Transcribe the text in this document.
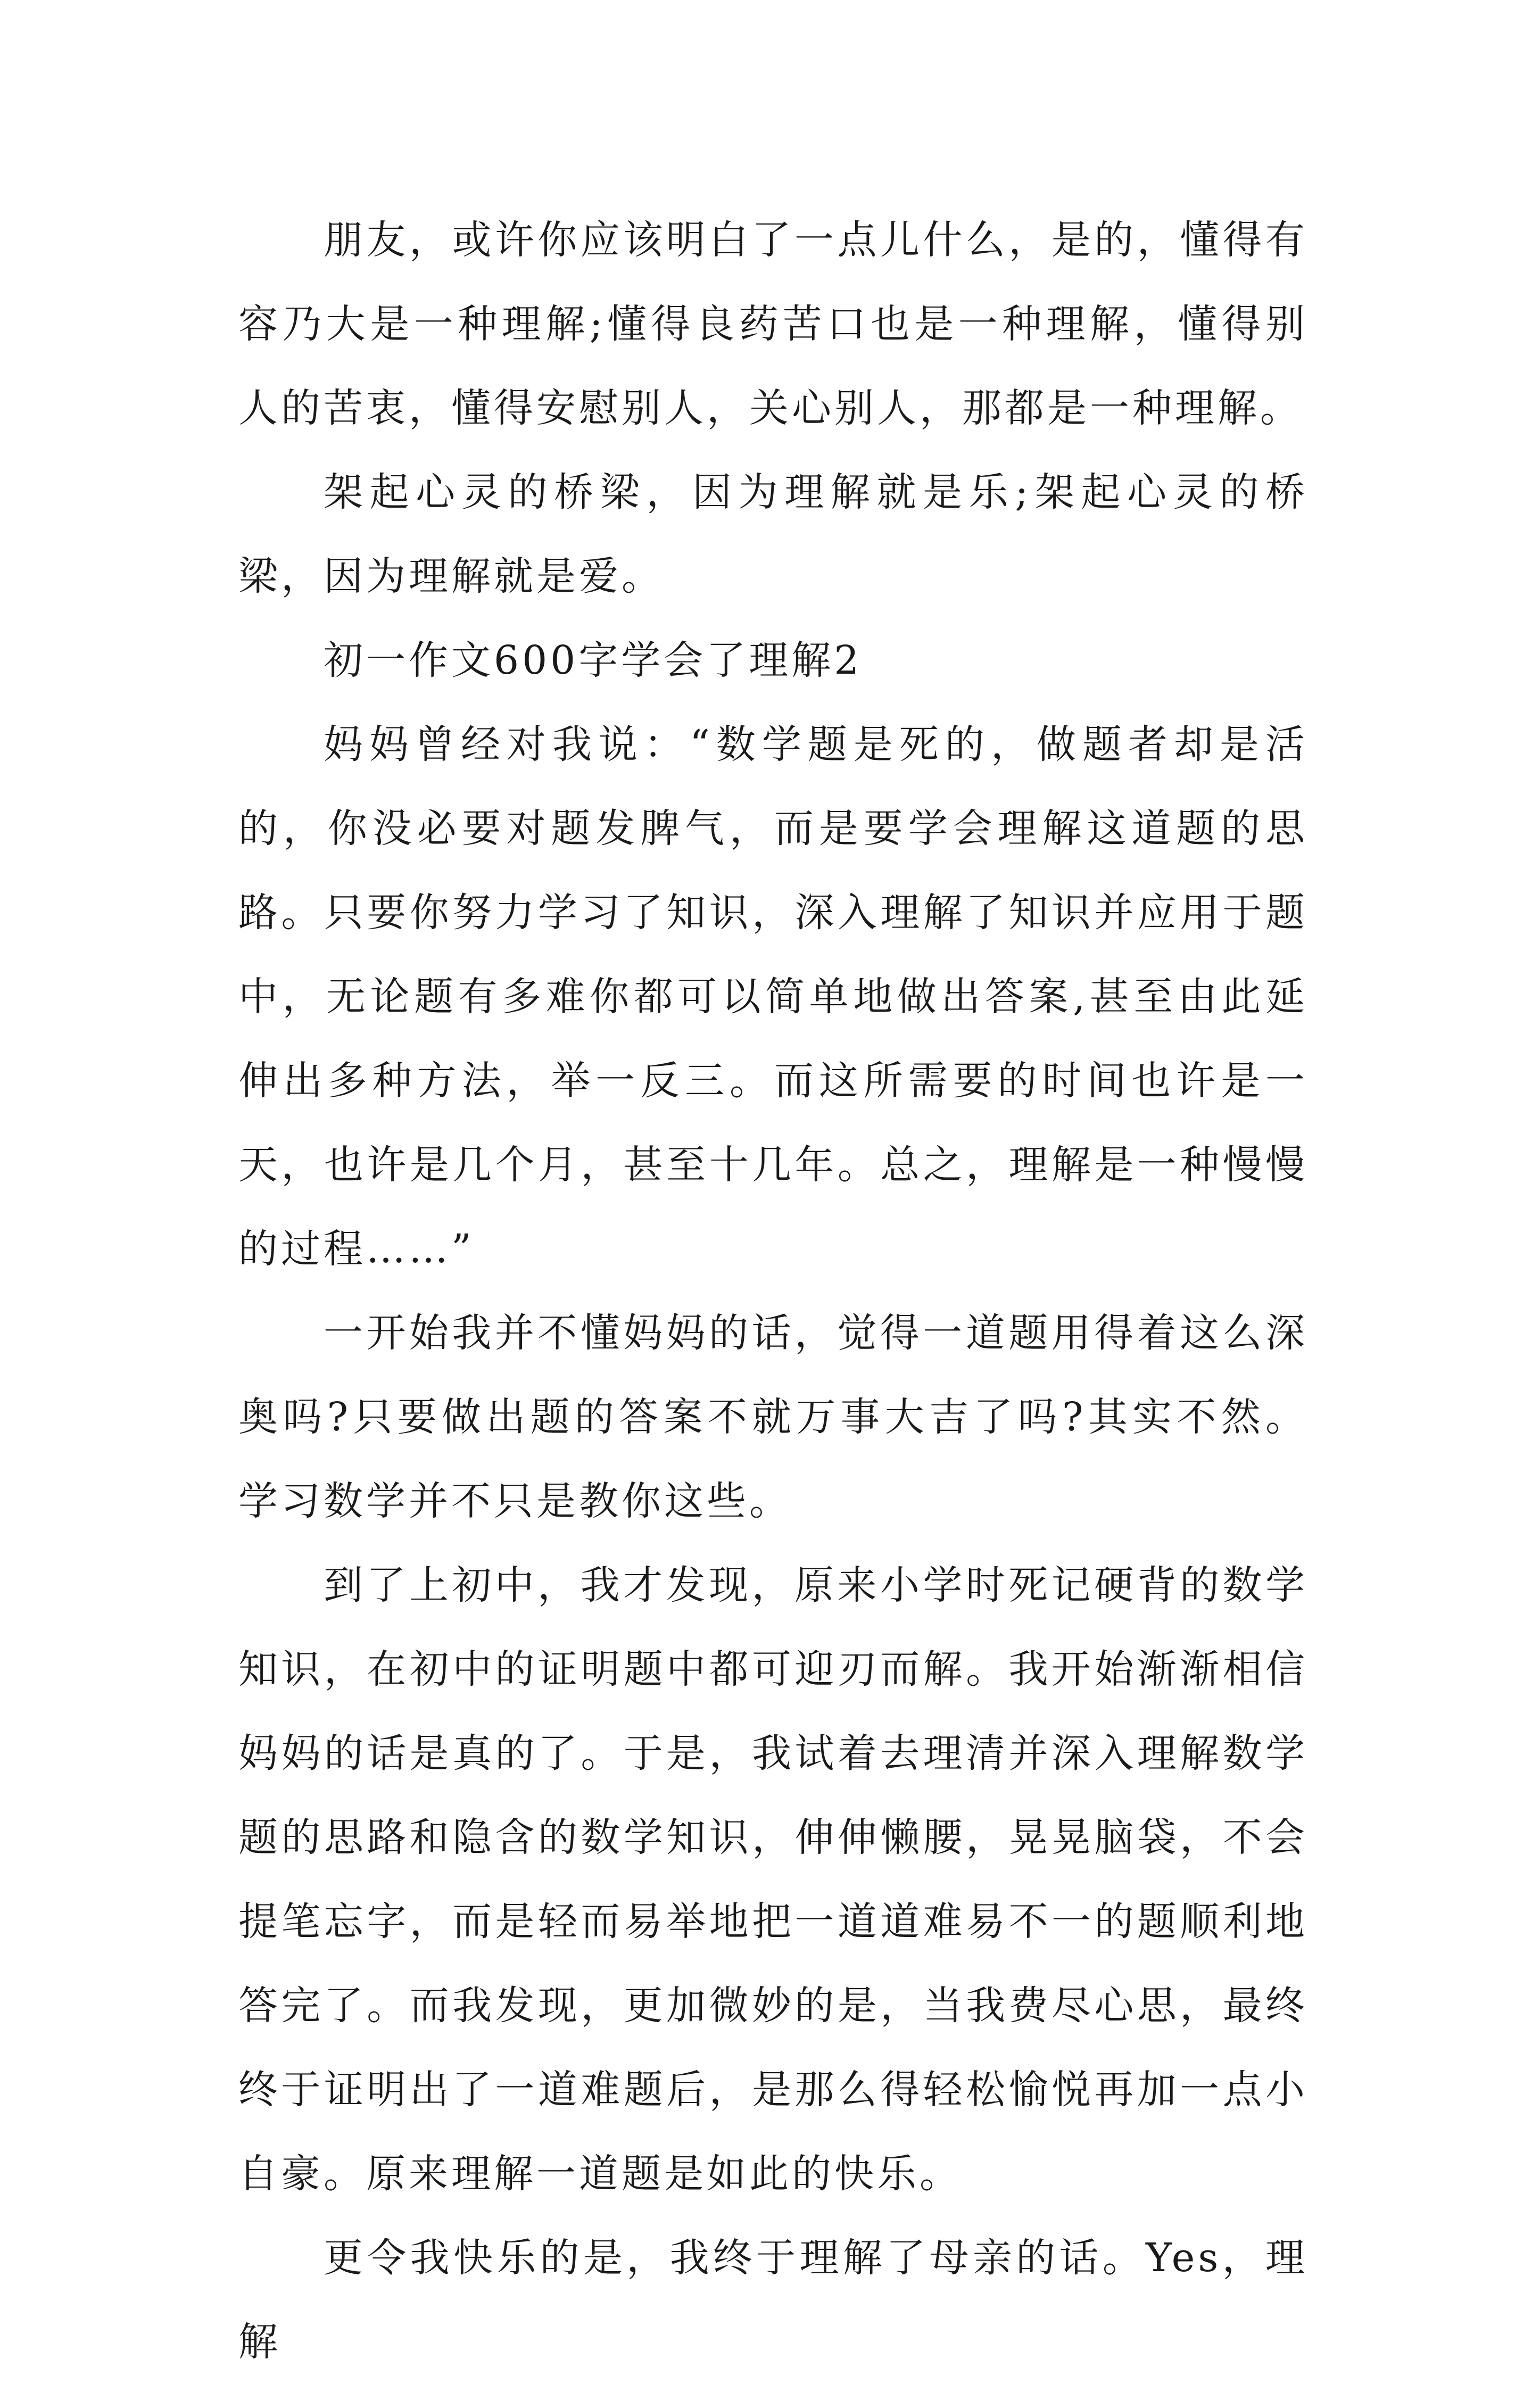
朋友，或许你应该明白了一点儿什么，是的，懂得有容乃大是一种理解;懂得良药苦口也是一种理解，懂得别人的苦衷，懂得安慰别人，关心别人，那都是一种理解。

架起心灵的桥梁，因为理解就是乐;架起心灵的桥梁，因为理解就是爱。

初一作文600字学会了理解2

妈妈曾经对我说：“数学题是死的，做题者却是活的，你没必要对题发脾气，而是要学会理解这道题的思路。只要你努力学习了知识，深入理解了知识并应用于题中，无论题有多难你都可以简单地做出答案,甚至由此延伸出多种方法，举一反三。而这所需要的时间也许是一天，也许是几个月，甚至十几年。总之，理解是一种慢慢的过程……”

一开始我并不懂妈妈的话，觉得一道题用得着这么深奥吗?只要做出题的答案不就万事大吉了吗?其实不然。学习数学并不只是教你这些。

到了上初中，我才发现，原来小学时死记硬背的数学知识，在初中的证明题中都可迎刃而解。我开始渐渐相信妈妈的话是真的了。于是，我试着去理清并深入理解数学题的思路和隐含的数学知识，伸伸懒腰，晃晃脑袋，不会提笔忘字，而是轻而易举地把一道道难易不一的题顺利地答完了。而我发现，更加微妙的是，当我费尽心思，最终终于证明出了一道难题后，是那么得轻松愉悦再加一点小自豪。原来理解一道题是如此的快乐。

更令我快乐的是，我终于理解了母亲的话。Yes，理解
